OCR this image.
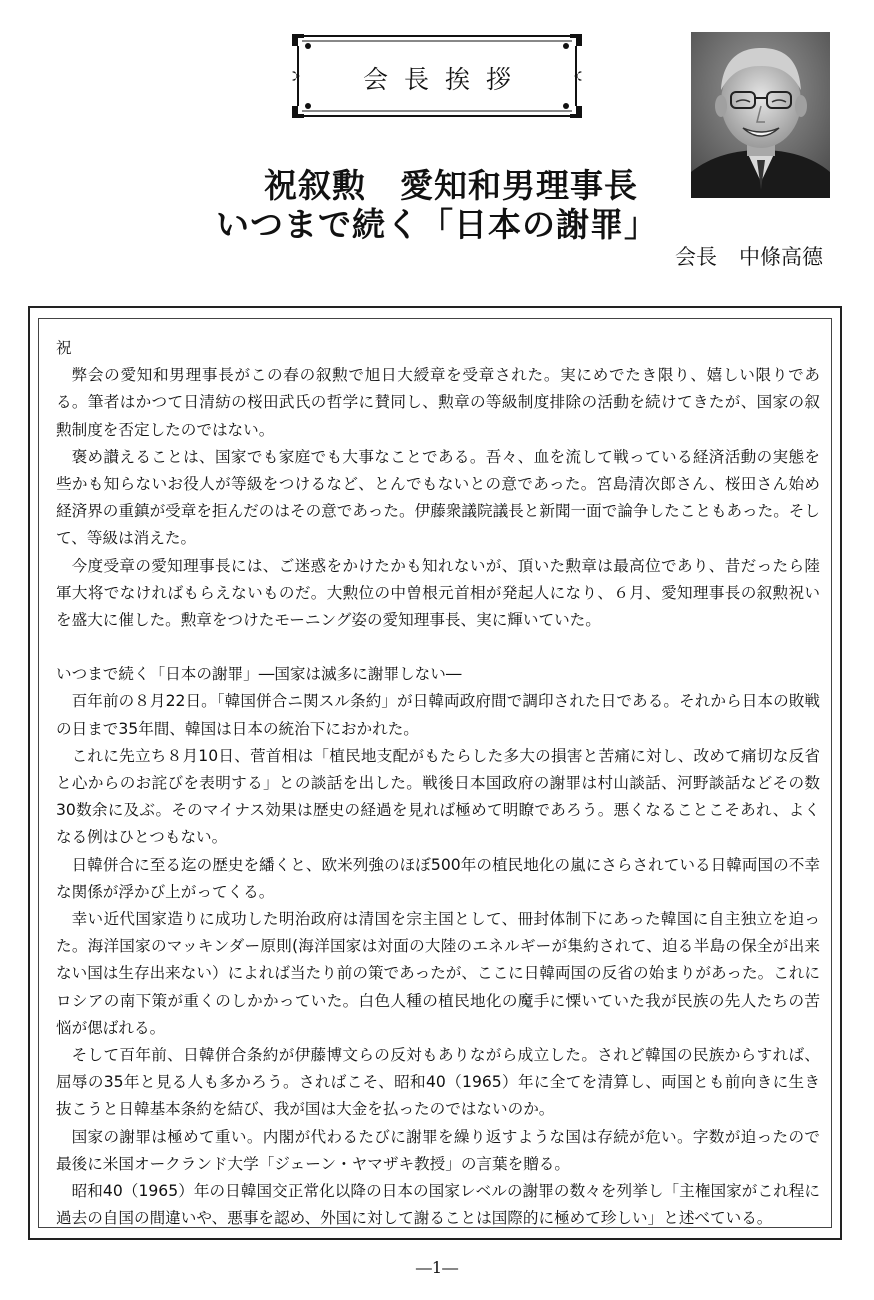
会長挨拶
祝叙勲　愛知和男理事長
いつまで続く「日本の謝罪」
会長 中條高德

祝

弊会の愛知和男理事長がこの春の叙勲で旭日大綬章を受章された。実にめでたき限り、嬉しい限りである。筆者はかつて日清紡の桜田武氏の哲学に賛同し、勲章の等級制度排除の活動を続けてきたが、国家の叙勲制度を否定したのではない。

褒め讃えることは、国家でも家庭でも大事なことである。吾々、血を流して戦っている経済活動の実態を些かも知らないお役人が等級をつけるなど、とんでもないとの意であった。宮島清次郎さん、桜田さん始め経済界の重鎮が受章を拒んだのはその意であった。伊藤衆議院議長と新聞一面で論争したこともあった。そして、等級は消えた。

今度受章の愛知理事長には、ご迷惑をかけたかも知れないが、頂いた勲章は最高位であり、昔だったら陸軍大将でなければもらえないものだ。大勲位の中曽根元首相が発起人になり、６月、愛知理事長の叙勲祝いを盛大に催した。勲章をつけたモーニング姿の愛知理事長、実に輝いていた。

いつまで続く「日本の謝罪」―国家は滅多に謝罪しない―

百年前の８月22日。「韓国併合ニ関スル条約」が日韓両政府間で調印された日である。それから日本の敗戦の日まで35年間、韓国は日本の統治下におかれた。

これに先立ち８月10日、菅首相は「植民地支配がもたらした多大の損害と苦痛に対し、改めて痛切な反省と心からのお詫びを表明する」との談話を出した。戦後日本国政府の謝罪は村山談話、河野談話などその数30数余に及ぶ。そのマイナス効果は歴史の経過を見れば極めて明瞭であろう。悪くなることこそあれ、よくなる例はひとつもない。

日韓併合に至る迄の歴史を繙くと、欧米列強のほぼ500年の植民地化の嵐にさらされている日韓両国の不幸な関係が浮かび上がってくる。

幸い近代国家造りに成功した明治政府は清国を宗主国として、冊封体制下にあった韓国に自主独立を迫った。海洋国家のマッキンダー原則(海洋国家は対面の大陸のエネルギーが集約されて、迫る半島の保全が出来ない国は生存出来ない）によれば当たり前の策であったが、ここに日韓両国の反省の始まりがあった。これにロシアの南下策が重くのしかかっていた。白色人種の植民地化の魔手に慄いていた我が民族の先人たちの苦悩が偲ばれる。

そして百年前、日韓併合条約が伊藤博文らの反対もありながら成立した。されど韓国の民族からすれば、屈辱の35年と見る人も多かろう。さればこそ、昭和40（1965）年に全てを清算し、両国とも前向きに生き抜こうと日韓基本条約を結び、我が国は大金を払ったのではないのか。

国家の謝罪は極めて重い。内閣が代わるたびに謝罪を繰り返すような国は存続が危い。字数が迫ったので最後に米国オークランド大学「ジェーン・ヤマザキ教授」の言葉を贈る。

昭和40（1965）年の日韓国交正常化以降の日本の国家レベルの謝罪の数々を列挙し「主権国家がこれ程に過去の自国の間違いや、悪事を認め、外国に対して謝ることは国際的に極めて珍しい」と述べている。

―1―
